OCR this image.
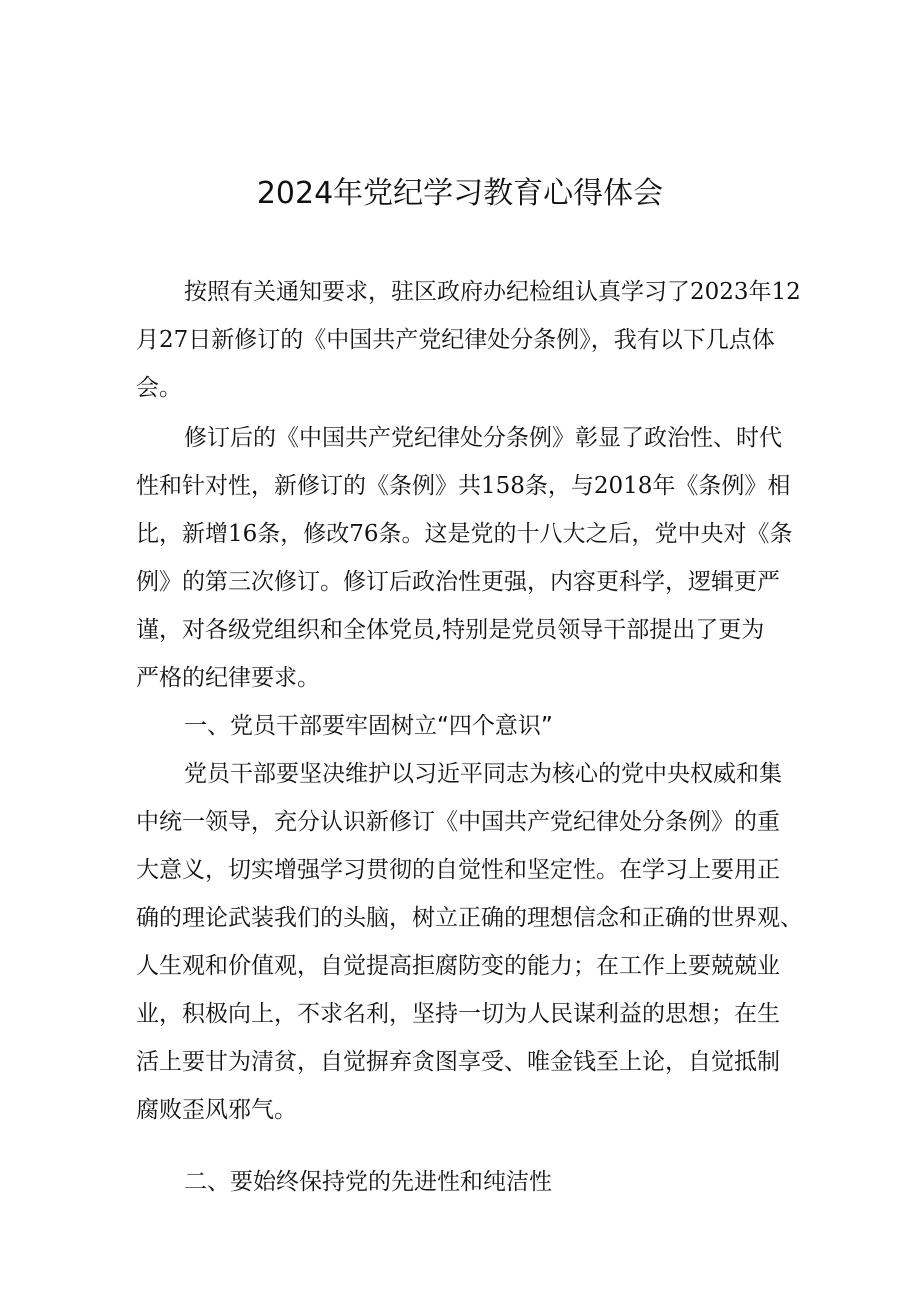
2024年党纪学习教育心得体会

按照有关通知要求，驻区政府办纪检组认真学习了2023年12

月27日新修订的《中国共产党纪律处分条例》，我有以下几点体

会。

修订后的《中国共产党纪律处分条例》彰显了政治性、时代

性和针对性，新修订的《条例》共158条，与2018年《条例》相

比，新增16条，修改76条。这是党的十八大之后，党中央对《条

例》的第三次修订。修订后政治性更强，内容更科学，逻辑更严

谨，对各级党组织和全体党员,特别是党员领导干部提出了更为

严格的纪律要求。

一、党员干部要牢固树立“四个意识”

党员干部要坚决维护以习近平同志为核心的党中央权威和集

中统一领导，充分认识新修订《中国共产党纪律处分条例》的重

大意义，切实增强学习贯彻的自觉性和坚定性。在学习上要用正

确的理论武装我们的头脑，树立正确的理想信念和正确的世界观、

人生观和价值观，自觉提高拒腐防变的能力；在工作上要兢兢业

业，积极向上，不求名利，坚持一切为人民谋利益的思想；在生

活上要甘为清贫，自觉摒弃贪图享受、唯金钱至上论，自觉抵制

腐败歪风邪气。

二、要始终保持党的先进性和纯洁性
